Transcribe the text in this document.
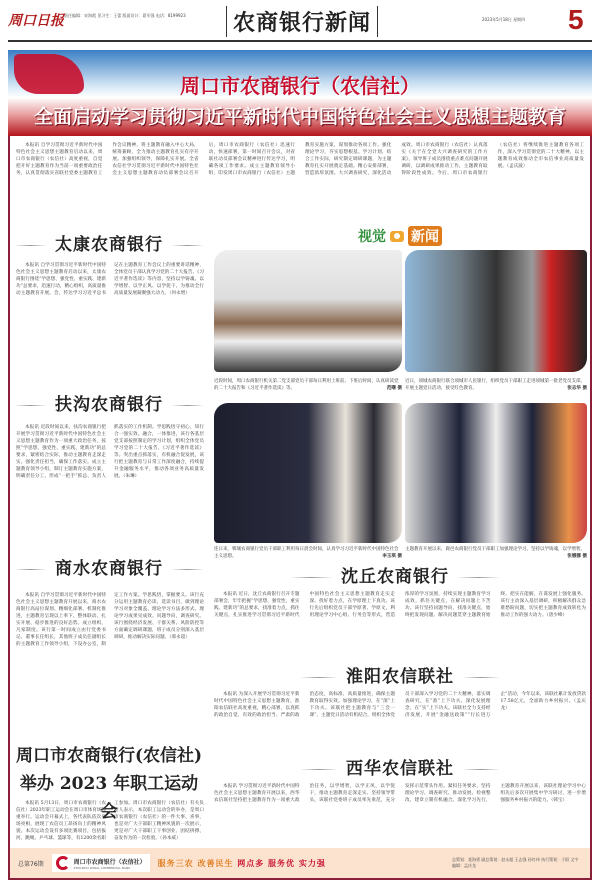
周口日报 责任编辑：宋海霞 见习生：王蕾 版面设计：葛军强 电话：8199923	农商银行新闻	2023年5月18日 星期四 5
周口市农商银行（农信社）
全面启动学习贯彻习近平新时代中国特色社会主义思想主题教育
本报讯 自学习贯彻习近平新时代中国特色社会主义思想主题教育启动以来，周口市农商银行（农信社）高度重视，自觉把开好主题教育作为当前一项重要政治任务，认真贯彻落实省联社党委主题教育工作会议精神，将主题教育融入中心大局，统筹兼顾，全力推动主题教育扎实有序开展。加强组织领导，保障扎实开展。全省农信社学习贯彻习近平新时代中国特色社会主义思想主题教育动员部署会议召开后，周口市农商银行（农信社）迅速行动，快速部署，第一时间召开会议，对省联社动员部署会议精神进行传达学习，明确各项工作要求。成立主题教育领导小组，印发周口市农商银行（农信社）主题教育实施方案，谋划推动各项工作。强化理论学习，夯实思想根基。学习计划，结合工作实际，研究制定调研课题，为主题教育扎实开展奠定基础。精心安排部署，营造浓厚氛围。大兴调查研究，深化活动成效。周口市农商银行（农信社）认真落实《关于在全党大兴调查研究的工作方案》，领导班子成员围绕重点难点问题开展调研，以调研成果推动工作，主题教育取得阶段性成效。今后，周口市农商银行（农信社）将继续推进主题教育各项工作，深入学习贯彻党的二十大精神，以主题教育成效推动全市农信事业高质量发展。（孟庆波）
太康农商银行
本报讯 自学习贯彻习近平新时代中国特色社会主义思想主题教育启动以来，太康农商银行围绕“学思想、强党性、重实践、建新功”总要求，迅速行动，精心组织，高质量推动主题教育开展。会，传达学习习近平总书记在主题教育工作会议上的重要讲话精神，全体党员干部认真学习党的二十大报告、《习近平著作选读》等内容，坚持以学铸魂、以学增智、以学正风、以学促干，为推动全行高质量发展凝聚强大动力。（何永增）
扶沟农商银行
本报讯 近段时间以来，扶沟农商银行把开展学习贯彻习近平新时代中国特色社会主义思想主题教育作为一项重大政治任务，按照“学思想、强党性、重实践、建新功”的总要求，紧密结合实际，推动主题教育走深走实。强化责任担当，确保工作落实。成立主题教育领导小组，制订主题教育实施方案，明确责任分工，形成“一把手”抓总、负责人抓落实的工作机制。学思践悟守初心，知行合一强实效。融合，一体推进，该行各基层党支部按照制定的学习计划，组织全体党员学习党的二十大报告、《习近平著作选读》等。突出重点抓落实，有机融合促发展，该行把主题教育与日常工作深度融合，持续提升金融服务水平，推动各项业务高质量发展。（朱琳）
商水农商银行
本报讯 自学习贯彻习近平新时代中国特色社会主义思想主题教育开展以来，商水农商银行高站位谋划、精细化部署、机制化推进，主题教育呈现以上率下、整体联动、扎实开展、稳步推进的良好态势。成立组织，凡家制度。该行第一时间成立由行党委书记、董事长任组长，其他班子成员任副组长的主题教育工作领导小组，下设办公室，制定工作方案。学思践悟，掌握要义。该行充分运用主题教育必读、选读书目，做到理论学习对象全覆盖、理论学习方法多形式、理论学习成果见成效。问题导向，调查研究。该行围绕经济发展、干群关系、风险防控等方面确定调研课题，班子成员分别深入基层调研，推动解决实际问题。（邢永超）
周口市农商银行(农信社)
举办 2023 年职工运动会
本报讯 5月13日，周口市农商银行（农信社）2023年职工运动会在周口市体育场隆重举行。运动会开幕式上，各代表队依次登场亮相，展现了农信员工昂扬向上的精神风貌。本次运动会设有多项比赛项目，包括拔河、跳绳、乒乓球、篮球等，有1200余名职工参加。周口市农商银行（农信社）有关负责人表示，本次职工运动会的举办，是周口市农商银行（农信社）的一件大事、喜事，也是对广大干部职工精神风貌的一次展示，更是对广大干部职工干事创业、团结拼搏、奋发作为的一次检验。（孙本威）
视觉 新闻
近段时间，周口农商银行机关第二党支部党员干部每日利用上班前、下班后时间，认真研读党的二十大报告和《习近平著作选读》等。	范曙 摄
近日，项城农商银行联合项城市人民银行，组织党员干部职工走进项城第一批老党员支部，开展主题党日活动，接受红色教育。	张志华 摄
连日来，郸城农商银行党员干部职工利用每日晨会时间，认真学习习近平新时代中国特色社会主义思想。	李玉琪 摄
主题教育开展以来，鹿邑农商银行党员干部职工加强理论学习，坚持以学铸魂，以学增智。
张娜娜 摄
沈丘农商银行
本报讯 近日，沈丘农商银行召开专题部署会，牢牢把握“学思想、强党性、重实践、建新功”的总要求，找准着力点，抓住关键点，扎实推进学习贯彻习近平新时代中国特色社会主义思想主题教育走实走深。找好着力点，在学原理上下真功。该行先后组织党员干部学原著、学原文，利用理论学习中心组、行务会等形式，营造浓厚的学习氛围，持续实现主题教育学习成效。抓住关键点，在解决问题上下苦功。该行坚持问题导向，找准关键点，始终把发现问题、解决问题贯穿主题教育始终。把实在能解，在谋发展上强化服务。该行主动深入基层调研，积极解决群众急难愁盼问题，切实把主题教育成效转化为推动工作的强大动力。（唐少峰）
淮阳农信联社
本报讯 为深入开展学习贯彻习近平新时代中国特色社会主义思想主题教育，淮阳农信联社高度重视，精心部署，以真抓的政治自觉、有效的政治担当、严肃的政治态度，高标准、高质量推进，确保主题教育取得实效。加强理论学习，在“深”上下功夫。该联社把主题教育与“三会一课”、主题党日活动有机结合，组织全体党员干部深入学习党的二十大精神。落实调查研究，在“准”上下功夫。深化发展理念，在“实”上下功夫。该联社全力支持经济发展，开展“金融送政策”“行长进万企”活动，今年以来，该联社累计发放贷款17.58亿元，全面助力乡村振兴。（孟庆龙）
西华农信联社
本报讯 学习贯彻习近平新时代中国特色社会主义思想主题教育开展以来，西华农信联社坚持把主题教育作为一项重大政治任务，以学增智，以学正风，以学促干，推动主题教育走深走实。坚持领导带头，该联社党委班子成员率先垂范，充分发挥示范带头作用。紧扣任务要求，坚持理论学习、调查研究、推动发展、检视整改、建章立制有机融合。深化学习先行，主题教育开展以来，该联社理论学习中心组先后多次开展集中学习研讨，进一步增强服务乡村振兴的能力。（韩宝）
总第76期	周口市农商银行（农信社）
ZHOUKOU RURAL COMMERCIAL BANK	服务三农 改善民生 网点多 服务优 实力强	总策划：聂海勇 副总策划：赵永超 王志强 孙红伟 执行策划：于阳 文字编辑：孟庆龙
